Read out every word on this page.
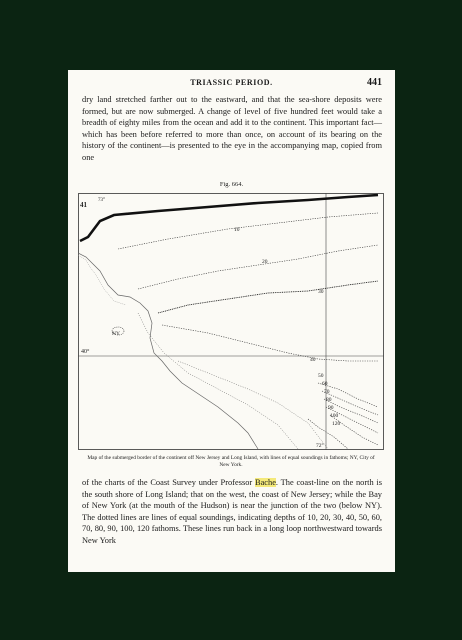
TRIASSIC PERIOD.	441

dry land stretched farther out to the eastward, and that the sea-shore deposits were formed, but are now submerged. A change of level of five hundred feet would take a breadth of eighty miles from the ocean and add it to the continent. This important fact—which has been before referred to more than once, on account of its bearing on the history of the continent—is presented to the eye in the accompanying map, copied from one

Fig. 664.
41
73°
40°
72°
NY
10
20
30
40
50
60
70
80
90
100
120

Map of the submerged border of the continent off New Jersey and Long Island, with lines of equal soundings in fathoms; NY, City of New York.

of the charts of the Coast Survey under Professor Bache. The coast-line on the north is the south shore of Long Island; that on the west, the coast of New Jersey; while the Bay of New York (at the mouth of the Hudson) is near the junction of the two (below NY). The dotted lines are lines of equal soundings, indicating depths of 10, 20, 30, 40, 50, 60, 70, 80, 90, 100, 120 fathoms. These lines run back in a long loop northwestward towards New York
